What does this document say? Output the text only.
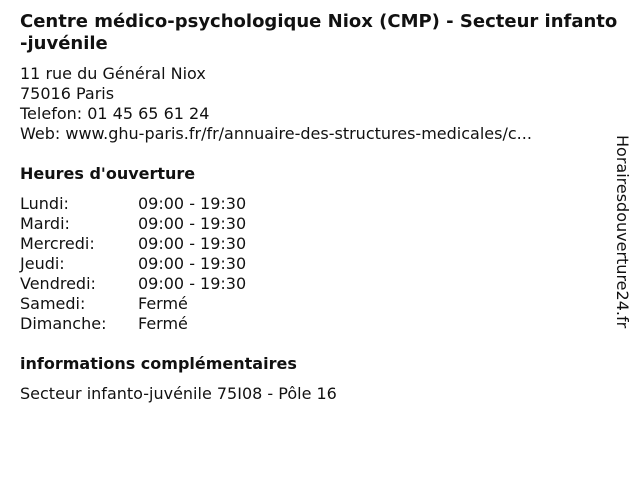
Centre médico-psychologique Niox (CMP) - Secteur infanto-juvénile
11 rue du Général Niox
75016 Paris
Telefon: 01 45 65 61 24
Web: www.ghu-paris.fr/fr/annuaire-des-structures-medicales/c...
Heures d'ouverture
Lundi:	09:00 - 19:30
Mardi:	09:00 - 19:30
Mercredi:	09:00 - 19:30
Jeudi:	09:00 - 19:30
Vendredi:	09:00 - 19:30
Samedi:	Fermé
Dimanche: Fermé
informations complémentaires
Secteur infanto-juvénile 75I08 - Pôle 16
Horairesdouverture24.fr
